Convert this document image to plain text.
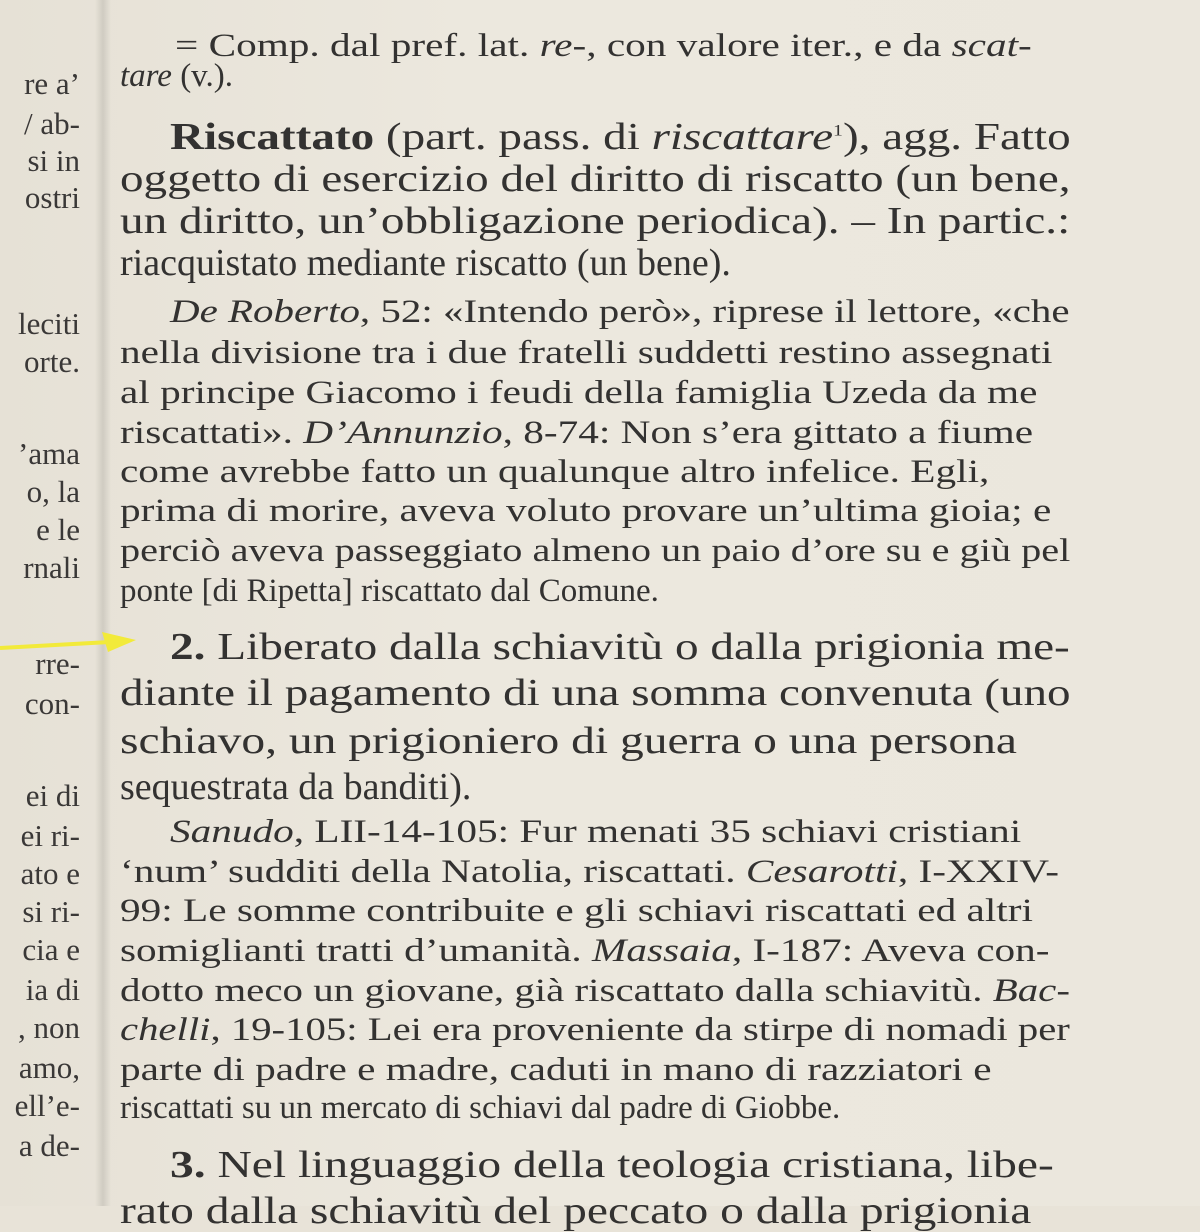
re a’
/ ab-
si in
ostri
leciti
orte.
’ama
o, la
e le
rnali
rre-
con-
ei di
ei ri-
ato e
si ri-
cia e
ia di
, non
amo,
ell’e-
a de-
= Comp. dal pref. lat. re-, con valore iter., e da scat-
tare (v.).
Riscattato (part. pass. di riscattare$^1$), agg. Fatto
oggetto di esercizio del diritto di riscatto (un bene,
un diritto, un’obbligazione periodica). – In partic.:
riacquistato mediante riscatto (un bene).
De Roberto, 52: «Intendo però», riprese il lettore, «che
nella divisione tra i due fratelli suddetti restino assegnati
al principe Giacomo i feudi della famiglia Uzeda da me
riscattati». D’Annunzio, 8-74: Non s’era gittato a fiume
come avrebbe fatto un qualunque altro infelice. Egli,
prima di morire, aveva voluto provare un’ultima gioia; e
perciò aveva passeggiato almeno un paio d’ore su e giù pel
ponte [di Ripetta] riscattato dal Comune.
2. Liberato dalla schiavitù o dalla prigionia me-
diante il pagamento di una somma convenuta (uno
schiavo, un prigioniero di guerra o una persona
sequestrata da banditi).
Sanudo, LII-14-105: Fur menati 35 schiavi cristiani
‘num’ sudditi della Natolia, riscattati. Cesarotti, I-XXIV-
99: Le somme contribuite e gli schiavi riscattati ed altri
somiglianti tratti d’umanità. Massaia, I-187: Aveva con-
dotto meco un giovane, già riscattato dalla schiavitù. Bac-
chelli, 19-105: Lei era proveniente da stirpe di nomadi per
parte di padre e madre, caduti in mano di razziatori e
riscattati su un mercato di schiavi dal padre di Giobbe.
3. Nel linguaggio della teologia cristiana, libe-
rato dalla schiavitù del peccato o dalla prigionia
